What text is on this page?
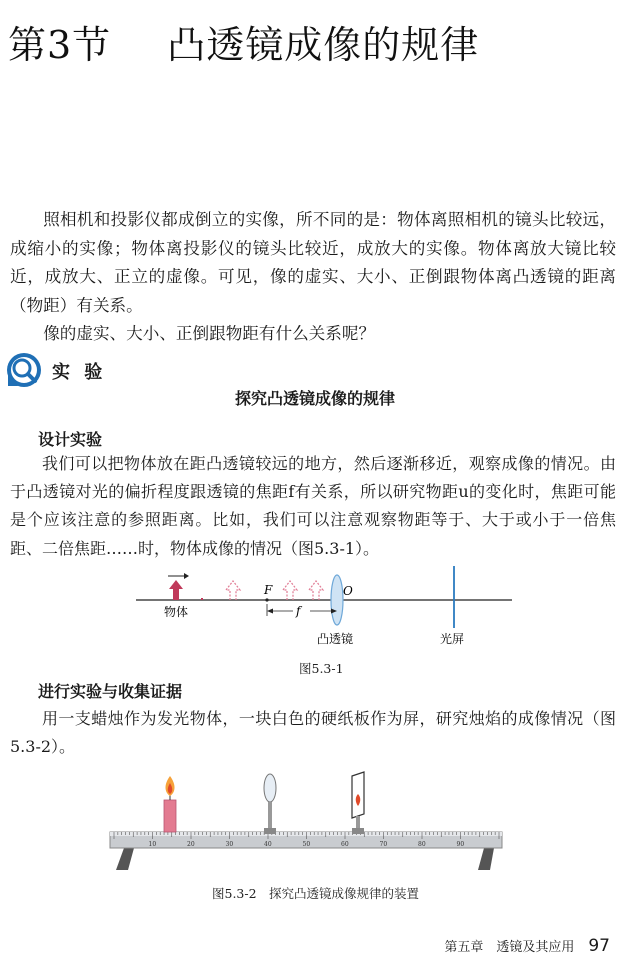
第3节 凸透镜成像的规律

照相机和投影仪都成倒立的实像，所不同的是：物体离照相机的镜头比较远，成缩小的实像；物体离投影仪的镜头比较近，成放大的实像。物体离放大镜比较近，成放大、正立的虚像。可见，像的虚实、大小、正倒跟物体离凸透镜的距离（物距）有关系。

像的虚实、大小、正倒跟物距有什么关系呢？

实 验
探究凸透镜成像的规律
设计实验

我们可以把物体放在距凸透镜较远的地方，然后逐渐移近，观察成像的情况。由于凸透镜对光的偏折程度跟透镜的焦距f有关系，所以研究物距u的变化时，焦距可能是个应该注意的参照距离。比如，我们可以注意观察物距等于、大于或小于一倍焦距、二倍焦距……时，物体成像的情况（图5.3-1）。

F	O
f
物体
凸透镜	光屏
图5.3-1
进行实验与收集证据

用一支蜡烛作为发光物体，一块白色的硬纸板作为屏，研究烛焰的成像情况（图5.3-2）。

10	20	30	40	50	60	70	80	90
图5.3-2　探究凸透镜成像规律的装置
第五章　透镜及其应用 97
